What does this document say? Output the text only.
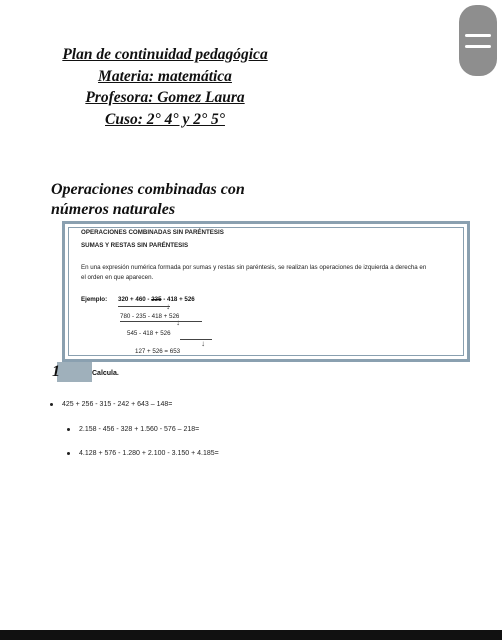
Plan de continuidad pedagógica
Materia: matemática
Profesora: Gomez Laura
Cuso: 2° 4° y 2° 5°
Operaciones combinadas con
números naturales
OPERACIONES COMBINADAS SIN PARÉNTESIS
SUMAS Y RESTAS SIN PARÉNTESIS
En una expresión numérica formada por sumas y restas sin paréntesis, se realizan las operaciones de izquierda a derecha en el orden en que aparecen.
Ejemplo: 320 + 460 - 235 - 418 + 526
↓
780 - 235 - 418 + 526
↓
545 - 418 + 526
↓
127 + 526 = 653
1	Calcula.
425 + 256 - 315 - 242 + 643 – 148=
2.158 - 456 - 328 + 1.560 - 576 – 218=
4.128 + 576 - 1.280 + 2.100 - 3.150 + 4.185=
